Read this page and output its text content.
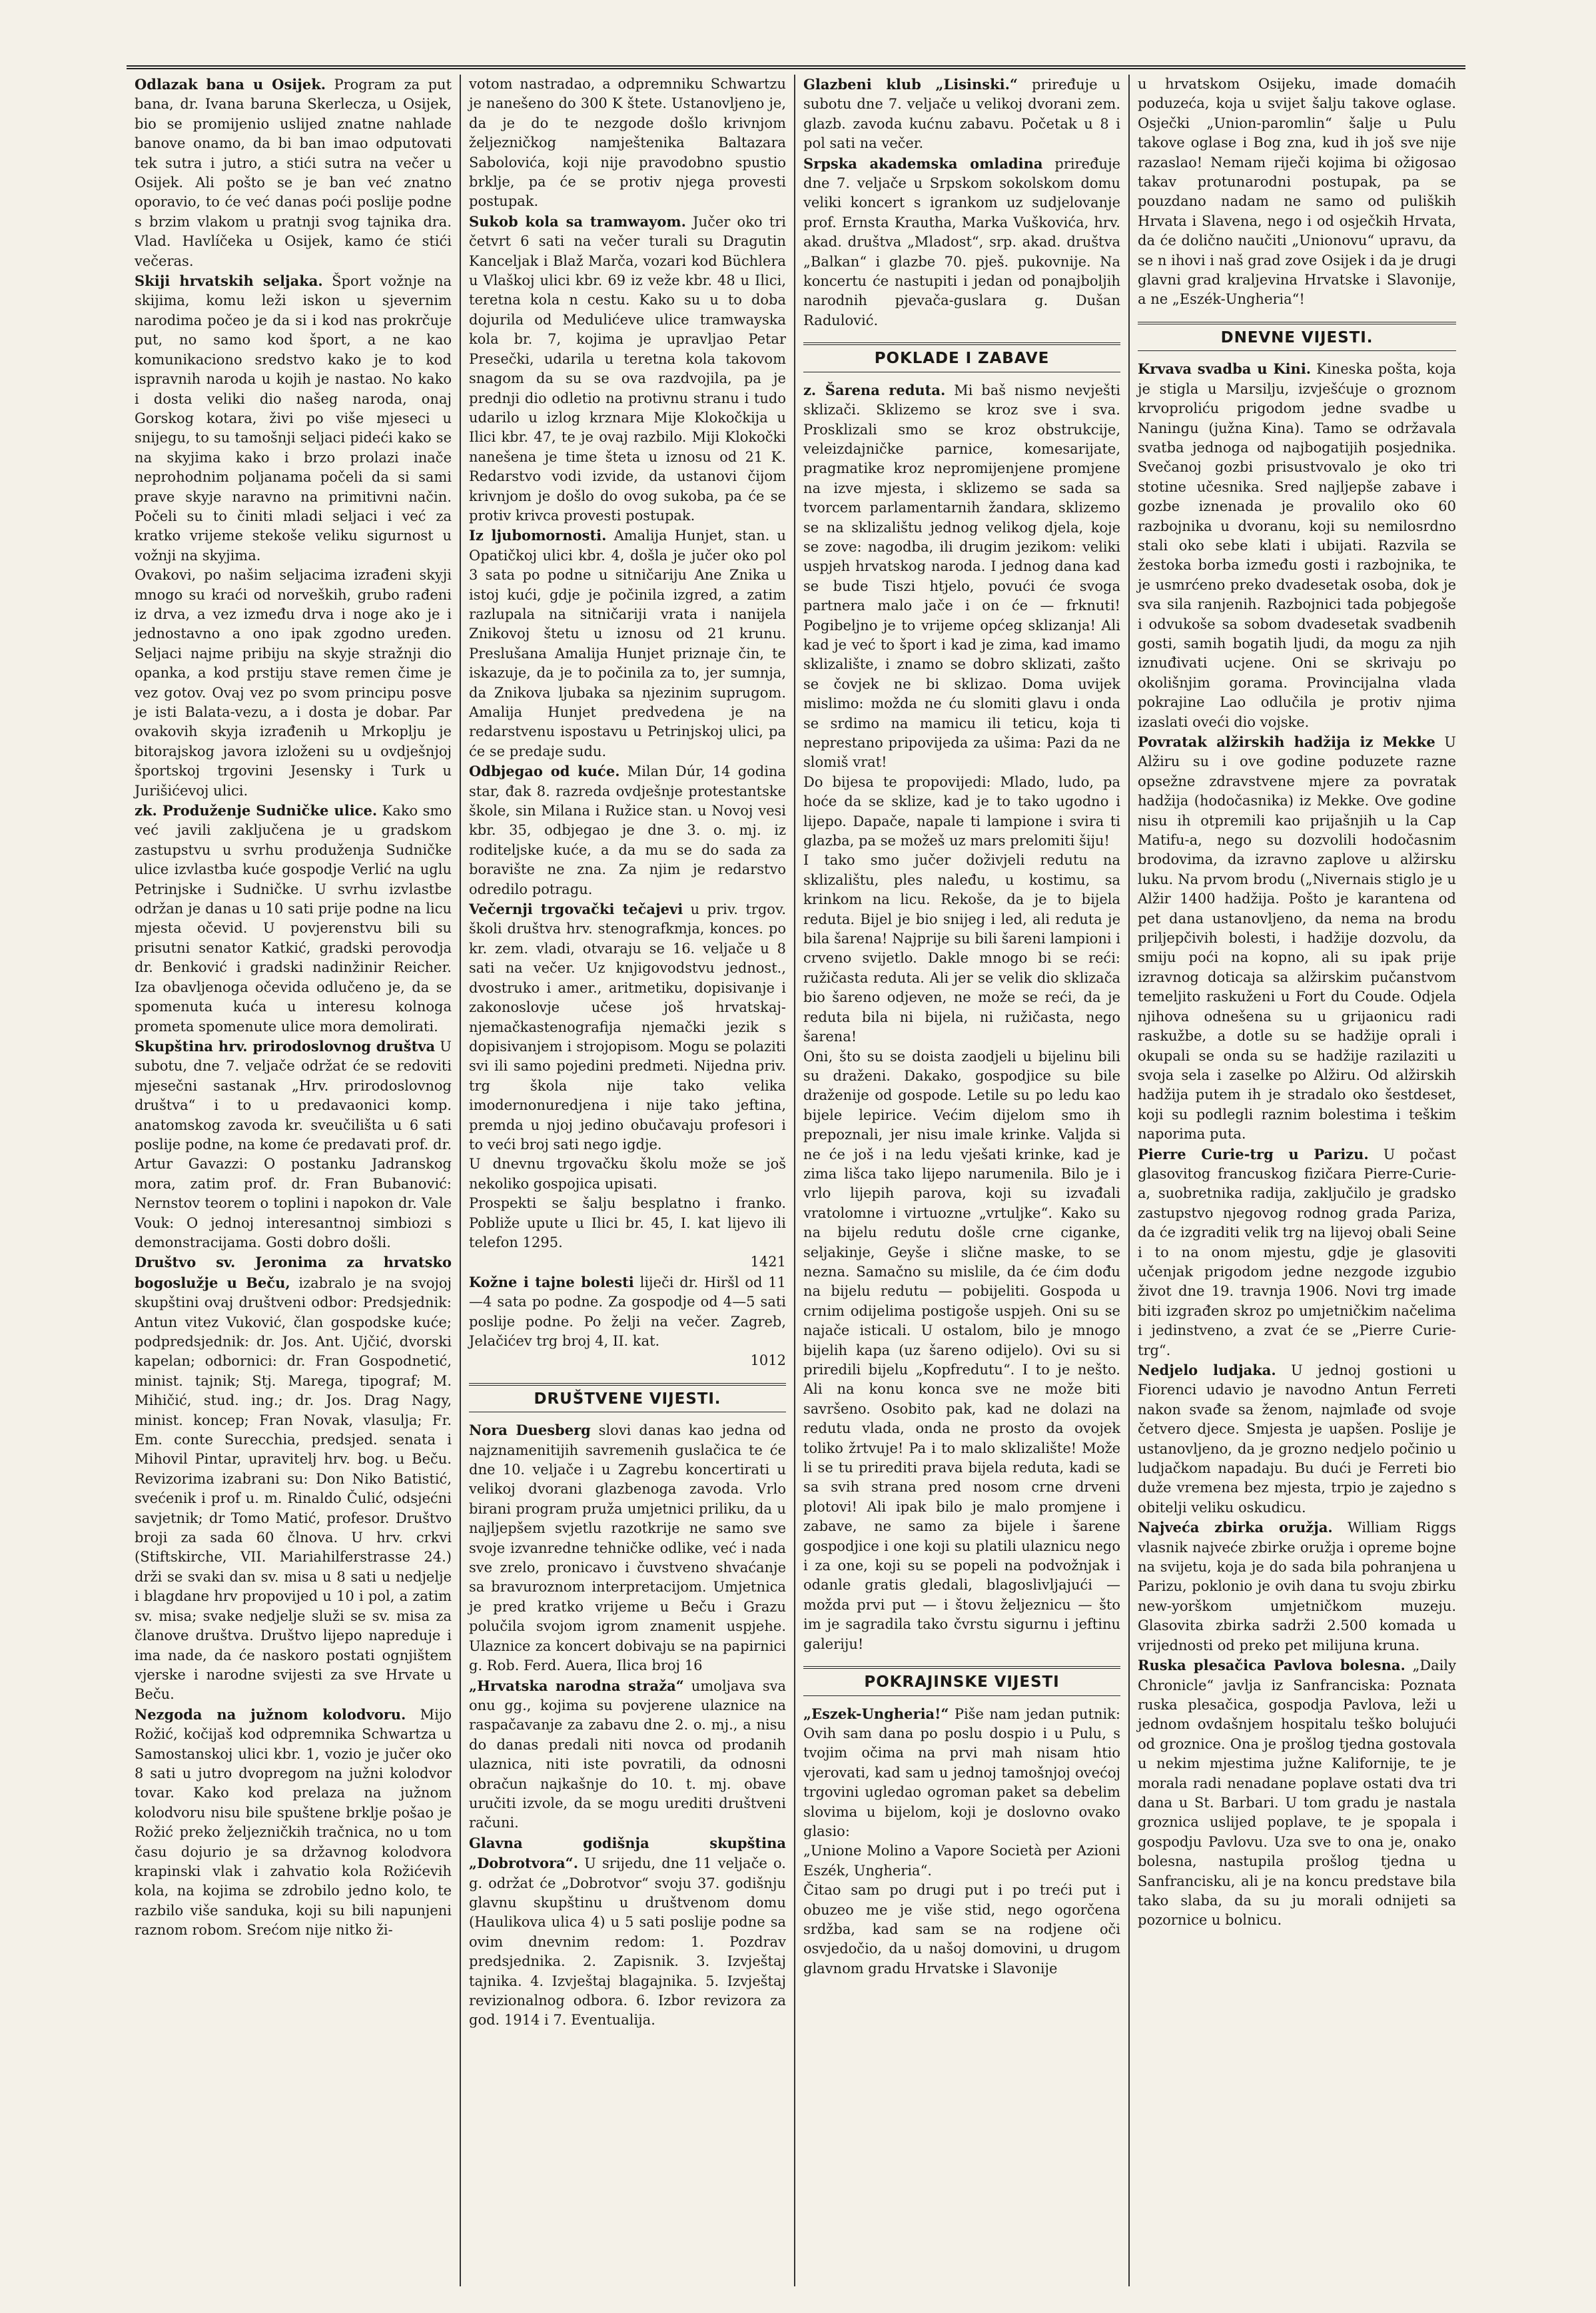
Odlazak bana u Osijek. Program za put bana, dr. Ivana baruna Skerlecza, u Osijek, bio se promijenio uslijed znatne nahlade banove onamo, da bi ban imao odputovati tek sutra i jutro, a stići sutra na večer u Osijek. Ali pošto se je ban već znatno oporavio, to će već danas poći poslije podne s brzim vlakom u pratnji svog tajnika dra. Vlad. Havlíčeka u Osijek, kamo će stići večeras.

Skiji hrvatskih seljaka. Šport vožnje na skijima, komu leži iskon u sjevernim narodima počeo je da si i kod nas prokrčuje put, no samo kod šport, a ne kao komunikaciono sredstvo kako je to kod ispravnih naroda u kojih je nastao. No kako i dosta veliki dio našeg naroda, onaj Gorskog kotara, živi po više mjeseci u snijegu, to su tamošnji seljaci pideći kako se na skyjima kako i brzo prolazi inače neprohodnim poljanama počeli da si sami prave skyje naravno na primitivni način. Počeli su to činiti mladi seljaci i već za kratko vrijeme stekoše veliku sigurnost u vožnji na skyjima.

Ovakovi, po našim seljacima izrađeni skyji mnogo su kraći od norveških, grubo rađeni iz drva, a vez između drva i noge ako je i jednostavno a ono ipak zgodno uređen. Seljaci najme pribiju na skyje stražnji dio opanka, a kod prstiju stave remen čime je vez gotov. Ovaj vez po svom principu posve je isti Balata-vezu, a i dosta je dobar. Par ovakovih skyja izrađenih u Mrkoplju je bitorajskog javora izloženi su u ovdješnjoj športskoj trgovini Jesensky i Turk u Jurišićevoj ulici.

zk. Produženje Sudničke ulice. Kako smo već javili zaključena je u gradskom zastupstvu u svrhu produženja Sudničke ulice izvlastba kuće gospodje Verlić na uglu Petrinjske i Sudničke. U svrhu izvlastbe održan je danas u 10 sati prije podne na licu mjesta očevid. U povjerenstvu bili su prisutni senator Katkić, gradski perovodja dr. Benković i gradski nadinžinir Reicher. Iza obavljenoga očevida odlučeno je, da se spomenuta kuća u interesu kolnoga prometa spomenute ulice mora demolirati.

Skupština hrv. prirodoslovnog društva U subotu, dne 7. veljače održat će se redoviti mjesečni sastanak „Hrv. prirodoslovnog društva“ i to u predavaonici komp. anatomskog zavoda kr. sveučilišta u 6 sati poslije podne, na kome će predavati prof. dr. Artur Gavazzi: O postanku Jadranskog mora, zatim prof. dr. Fran Bubanović: Nernstov teorem o toplini i napokon dr. Vale Vouk: O jednoj interesantnoj simbiozi s demonstracijama. Gosti dobro došli.

Društvo sv. Jeronima za hrvatsko bogoslužje u Beču, izabralo je na svojoj skupštini ovaj društveni odbor: Predsjednik: Antun vitez Vuković, član gospodske kuće; podpredsjednik: dr. Jos. Ant. Ujčić, dvorski kapelan; odbornici: dr. Fran Gospodnetić, minist. tajnik; Stj. Marega, tipograf; M. Mihičić, stud. ing.; dr. Jos. Drag Nagy, minist. koncep; Fran Novak, vlasulja; Fr. Em. conte Surecchia, predsjed. senata i Mihovil Pintar, upravitelj hrv. bog. u Beču. Revizorima izabrani su: Don Niko Batistić, svećenik i prof u. m. Rinaldo Čulić, odsjećni savjetnik; dr Tomo Matić, profesor. Društvo broji za sada 60 člnova. U hrv. crkvi (Stiftskirche, VII. Mariahilferstrasse 24.) drži se svaki dan sv. misa u 8 sati u nedjelje i blagdane hrv propovijed u 10 i pol, a zatim sv. misa; svake nedjelje služi se sv. misa za članove društva. Društvo lijepo napreduje i ima nade, da će naskoro postati ognjištem vjerske i narodne svijesti za sve Hrvate u Beču.

Nezgoda na južnom kolodvoru. Mijo Rožić, kočijaš kod odpremnika Schwartza u Samostanskoj ulici kbr. 1, vozio je jučer oko 8 sati u jutro dvopregom na južni kolodvor tovar. Kako kod prelaza na južnom kolodvoru nisu bile spuštene brklje pošao je Rožić preko željezničkih tračnica, no u tom času dojurio je sa državnog kolodvora krapinski vlak i zahvatio kola Rožićevih kola, na kojima se zdrobilo jedno kolo, te razbilo više sanduka, koji su bili napunjeni raznom robom. Srećom nije nitko ži-

votom nastradao, a odpremniku Schwartzu je nanešeno do 300 K štete. Ustanovljeno je, da je do te nezgode došlo krivnjom željezničkog namještenika Baltazara Sabolovića, koji nije pravodobno spustio brklje, pa će se protiv njega provesti postupak.

Sukob kola sa tramwayom. Jučer oko tri četvrt 6 sati na večer turali su Dragutin Kanceljak i Blaž Marča, vozari kod Büchlera u Vlaškoj ulici kbr. 69 iz veže kbr. 48 u Ilici, teretna kola n cestu. Kako su u to doba dojurila od Medulićeve ulice tramwayska kola br. 7, kojima je upravljao Petar Presečki, udarila u teretna kola takovom snagom da su se ova razdvojila, pa je prednji dio odletio na protivnu stranu i tudo udarilo u izlog krznara Mije Klokočkija u Ilici kbr. 47, te je ovaj razbilo. Miji Klokočki nanešena je time šteta u iznosu od 21 K. Redarstvo vodi izvide, da ustanovi čijom krivnjom je došlo do ovog sukoba, pa će se protiv krivca provesti postupak.

Iz ljubomornosti. Amalija Hunjet, stan. u Opatičkoj ulici kbr. 4, došla je jučer oko pol 3 sata po podne u sitničariju Ane Znika u istoj kući, gdje je počinila izgred, a zatim razlupala na sitničariji vrata i nanijela Znikovoj štetu u iznosu od 21 krunu. Preslušana Amalija Hunjet priznaje čin, te iskazuje, da je to počinila za to, jer sumnja, da Znikova ljubaka sa njezinim suprugom. Amalija Hunjet predvedena je na redarstvenu ispostavu u Petrinjskoj ulici, pa će se predaje sudu.

Odbjegao od kuće. Milan Dúr, 14 godina star, đak 8. razreda ovdješnje protestantske škole, sin Milana i Ružice stan. u Novoj vesi kbr. 35, odbjegao je dne 3. o. mj. iz roditeljske kuće, a da mu se do sada za boravište ne zna. Za njim je redarstvo odredilo potragu.

Večernji trgovački tečajevi u priv. trgov. školi društva hrv. stenografkmja, konces. po kr. zem. vladi, otvaraju se 16. veljače u 8 sati na večer. Uz knjigovodstvu jednost., dvostruko i amer., aritmetiku, dopisivanje i zakonoslovje učese još hrvatskaj-njemačkastenografija njemački jezik s dopisivanjem i strojopisom. Mogu se polaziti svi ili samo pojedini predmeti. Nijedna priv. trg škola nije tako velika imodernonuredjena i nije tako jeftina, premda u njoj jedino obučavaju profesori i to veći broj sati nego igdje.

U dnevnu trgovačku školu može se još nekoliko gospojica upisati.

Prospekti se šalju besplatno i franko. Pobliže upute u Ilici br. 45, I. kat lijevo ili telefon 1295.

1421

Kožne i tajne bolesti liječi dr. Hiršl od 11—4 sata po podne. Za gospodje od 4—5 sati poslije podne. Po želji na večer. Zagreb, Jelačićev trg broj 4, II. kat.

1012
DRUŠTVENE VIJESTI.

Nora Duesberg slovi danas kao jedna od najznamenitijih savremenih guslačica te će dne 10. veljače i u Zagrebu koncertirati u velikoj dvorani glazbenoga zavoda. Vrlo birani program pruža umjetnici priliku, da u najljepšem svjetlu razotkrije ne samo sve svoje izvanredne tehničke odlike, već i nada sve zrelo, pronicavo i čuvstveno shvaćanje sa bravuroznom interpretacijom. Umjetnica je pred kratko vrijeme u Beču i Grazu polučila svojom igrom znamenit uspjehe. Ulaznice za koncert dobivaju se na papirnici g. Rob. Ferd. Auera, Ilica broj 16

„Hrvatska narodna straža“ umoljava sva onu gg., kojima su povjerene ulaznice na raspačavanje za zabavu dne 2. o. mj., a nisu do danas predali niti novca od prodanih ulaznica, niti iste povratili, da odnosni obračun najkašnje do 10. t. mj. obave uručiti izvole, da se mogu urediti društveni računi.

Glavna godišnja skupština „Dobrotvora“. U srijedu, dne 11 veljače o. g. održat će „Dobrotvor“ svoju 37. godišnju glavnu skupštinu u društvenom domu (Haulikova ulica 4) u 5 sati poslije podne sa ovim dnevnim redom: 1. Pozdrav predsjednika. 2. Zapisnik. 3. Izvještaj tajnika. 4. Izvještaj blagajnika. 5. Izvještaj revizionalnog odbora. 6. Izbor revizora za god. 1914 i 7. Eventualija.

Glazbeni klub „Lisinski.“ priređuje u subotu dne 7. veljače u velikoj dvorani zem. glazb. zavoda kućnu zabavu. Početak u 8 i pol sati na večer.

Srpska akademska omladina priređuje dne 7. veljače u Srpskom sokolskom domu veliki koncert s igrankom uz sudjelovanje prof. Ernsta Krautha, Marka Vuškovića, hrv. akad. društva „Mladost“, srp. akad. društva „Balkan“ i glazbe 70. pješ. pukovnije. Na koncertu će nastupiti i jedan od ponajboljih narodnih pjevača-guslara g. Dušan Radulović.

POKLADE I ZABAVE

z. Šarena reduta. Mi baš nismo nevješti sklizači. Sklizemo se kroz sve i sva. Prosklizali smo se kroz obstrukcije, veleizdajničke parnice, komesarijate, pragmatike kroz nepromijenjene promjene na izve mjesta, i sklizemo se sada sa tvorcem parlamentarnih žandara, sklizemo se na sklizalištu jednog velikog djela, koje se zove: nagodba, ili drugim jezikom: veliki uspjeh hrvatskog naroda. I jednog dana kad se bude Tiszi htjelo, povući će svoga partnera malo jače i on će — frknuti! Pogibeljno je to vrijeme općeg sklizanja! Ali kad je već to šport i kad je zima, kad imamo sklizalište, i znamo se dobro sklizati, zašto se čovjek ne bi sklizao. Doma uvijek mislimo: možda ne ću slomiti glavu i onda se srdimo na mamicu ili teticu, koja ti neprestano pripovijeda za ušima: Pazi da ne slomiš vrat!

Do bijesa te propovijedi: Mlado, ludo, pa hoće da se sklize, kad je to tako ugodno i lijepo. Dapače, napale ti lampione i svira ti glazba, pa se možeš uz mars prelomiti šiju!

I tako smo jučer doživjeli redutu na sklizalištu, ples naleđu, u kostimu, sa krinkom na licu. Rekoše, da je to bijela reduta. Bijel je bio snijeg i led, ali reduta je bila šarena! Najprije su bili šareni lampioni i crveno svijetlo. Dakle mnogo bi se reći: ružičasta reduta. Ali jer se velik dio sklizača bio šareno odjeven, ne može se reći, da je reduta bila ni bijela, ni ružičasta, nego šarena!

Oni, što su se doista zaodjeli u bijelinu bili su draženi. Dakako, gospodjice su bile draženije od gospode. Letile su po ledu kao bijele lepirice. Većim dijelom smo ih prepoznali, jer nisu imale krinke. Valjda si ne će još i na ledu vješati krinke, kad je zima lišca tako lijepo narumenila. Bilo je i vrlo lijepih parova, koji su izvađali vratolomne i virtuozne „vrtuljke“. Kako su na bijelu redutu došle crne ciganke, seljakinje, Geyše i slične maske, to se nezna. Samačno su mislile, da će ćim dođu na bijelu redutu — pobijeliti. Gospoda u crnim odijelima postigoše uspjeh. Oni su se najače isticali. U ostalom, bilo je mnogo bijelih kapa (uz šareno odijelo). Ovi su si priredili bijelu „Kopfredutu“. I to je nešto. Ali na konu konca sve ne može biti savršeno. Osobito pak, kad ne dolazi na redutu vlada, onda ne prosto da ovojek toliko žrtvuje! Pa i to malo sklizalište! Može li se tu prirediti prava bijela reduta, kadi se sa svih strana pred nosom crne drveni plotovi! Ali ipak bilo je malo promjene i zabave, ne samo za bijele i šarene gospodjice i one koji su platili ulaznicu nego i za one, koji su se popeli na podvožnjak i odanle gratis gledali, blagoslivljajući — možda prvi put — i štovu željeznicu — što im je sagradila tako čvrstu sigurnu i jeftinu galeriju!

POKRAJINSKE VIJESTI

„Eszek-Ungheria!“ Piše nam jedan putnik: Ovih sam dana po poslu dospio i u Pulu, s tvojim očima na prvi mah nisam htio vjerovati, kad sam u jednoj tamošnjoj ovećoj trgovini ugledao ogroman paket sa debelim slovima u bijelom, koji je doslovno ovako glasio:

„Unione Molino a Vapore Società per Azioni Eszék, Ungheria“.

Čitao sam po drugi put i po treći put i obuzeo me je više stid, nego ogorčena srdžba, kad sam se na rodjene oči osvjedočio, da u našoj domovini, u drugom glavnom gradu Hrvatske i Slavonije

u hrvatskom Osijeku, imade domaćih poduzeća, koja u svijet šalju takove oglase. Osječki „Union-paromlin“ šalje u Pulu takove oglase i Bog zna, kud ih još sve nije razaslao! Nemam riječi kojima bi ožigosao takav protunarodni postupak, pa se pouzdano nadam ne samo od puliških Hrvata i Slavena, nego i od osječkih Hrvata, da će dolično naučiti „Unionovu“ upravu, da se n ihovi i naš grad zove Osijek i da je drugi glavni grad kraljevina Hrvatske i Slavonije, a ne „Eszék-Ungheria“!

DNEVNE VIJESTI.

Krvava svadba u Kini. Kineska pošta, koja je stigla u Marsilju, izvješćuje o groznom krvoproliću prigodom jedne svadbe u Naningu (južna Kina). Tamo se održavala svatba jednoga od najbogatijih posjednika. Svečanoj gozbi prisustvovalo je oko tri stotine učesnika. Sred najljepše zabave i gozbe iznenada je provalilo oko 60 razbojnika u dvoranu, koji su nemilosrdno stali oko sebe klati i ubijati. Razvila se žestoka borba između gosti i razbojnika, te je usmrćeno preko dvadesetak osoba, dok je sva sila ranjenih. Razbojnici tada pobjegoše i odvukoše sa sobom dvadesetak svadbenih gosti, samih bogatih ljudi, da mogu za njih iznuđivati ucjene. Oni se skrivaju po okolišnjim gorama. Provincijalna vlada pokrajine Lao odlučila je protiv njima izaslati oveći dio vojske.

Povratak alžirskih hadžija iz Mekke U Alžiru su i ove godine poduzete razne opsežne zdravstvene mjere za povratak hadžija (hodočasnika) iz Mekke. Ove godine nisu ih otpremili kao prijašnjih u la Cap Matifu-a, nego su dozvolili hodočasnim brodovima, da izravno zaplove u alžirsku luku. Na prvom brodu („Nivernais stiglo je u Alžir 1400 hadžija. Pošto je karantena od pet dana ustanovljeno, da nema na brodu priljepčivih bolesti, i hadžije dozvolu, da smiju poći na kopno, ali su ipak prije izravnog doticaja sa alžirskim pučanstvom temeljito raskuženi u Fort du Coude. Odjela njihova odnešena su u grijaonicu radi raskužbe, a dotle su se hadžije oprali i okupali se onda su se hadžije razilaziti u svoja sela i zaselke po Alžiru. Od alžirskih hadžija putem ih je stradalo oko šestdeset, koji su podlegli raznim bolestima i teškim naporima puta.

Pierre Curie-trg u Parizu. U počast glasovitog francuskog fizičara Pierre-Curie-a, suobretnika radija, zaključilo je gradsko zastupstvo njegovog rodnog grada Pariza, da će izgraditi velik trg na lijevoj obali Seine i to na onom mjestu, gdje je glasoviti učenjak prigodom jedne nezgode izgubio život dne 19. travnja 1906. Novi trg imade biti izgrađen skroz po umjetničkim načelima i jedinstveno, a zvat će se „Pierre Curie-trg“.

Nedjelo ludjaka. U jednoj gostioni u Fiorenci udavio je navodno Antun Ferreti nakon svađe sa ženom, najmlađe od svoje četvero djece. Smjesta je uapšen. Poslije je ustanovljeno, da je grozno nedjelo počinio u ludjačkom napadaju. Bu dući je Ferreti bio duže vremena bez mjesta, trpio je zajedno s obitelji veliku oskudicu.

Najveća zbirka oružja. William Riggs vlasnik najveće zbirke oružja i opreme bojne na svijetu, koja je do sada bila pohranjena u Parizu, poklonio je ovih dana tu svoju zbirku new-yorškom umjetničkom muzeju. Glasovita zbirka sadrži 2.500 komada u vrijednosti od preko pet milijuna kruna.

Ruska plesačica Pavlova bolesna. „Daily Chronicle“ javlja iz Sanfranciska: Poznata ruska plesačica, gospodja Pavlova, leži u jednom ovdašnjem hospitalu teško bolujući od groznice. Ona je prošlog tjedna gostovala u nekim mjestima južne Kalifornije, te je morala radi nenadane poplave ostati dva tri dana u St. Barbari. U tom gradu je nastala groznica uslijed poplave, te je spopala i gospodju Pavlovu. Uza sve to ona je, onako bolesna, nastupila prošlog tjedna u Sanfrancisku, ali je na koncu predstave bila tako slaba, da su ju morali odnijeti sa pozornice u bolnicu.
